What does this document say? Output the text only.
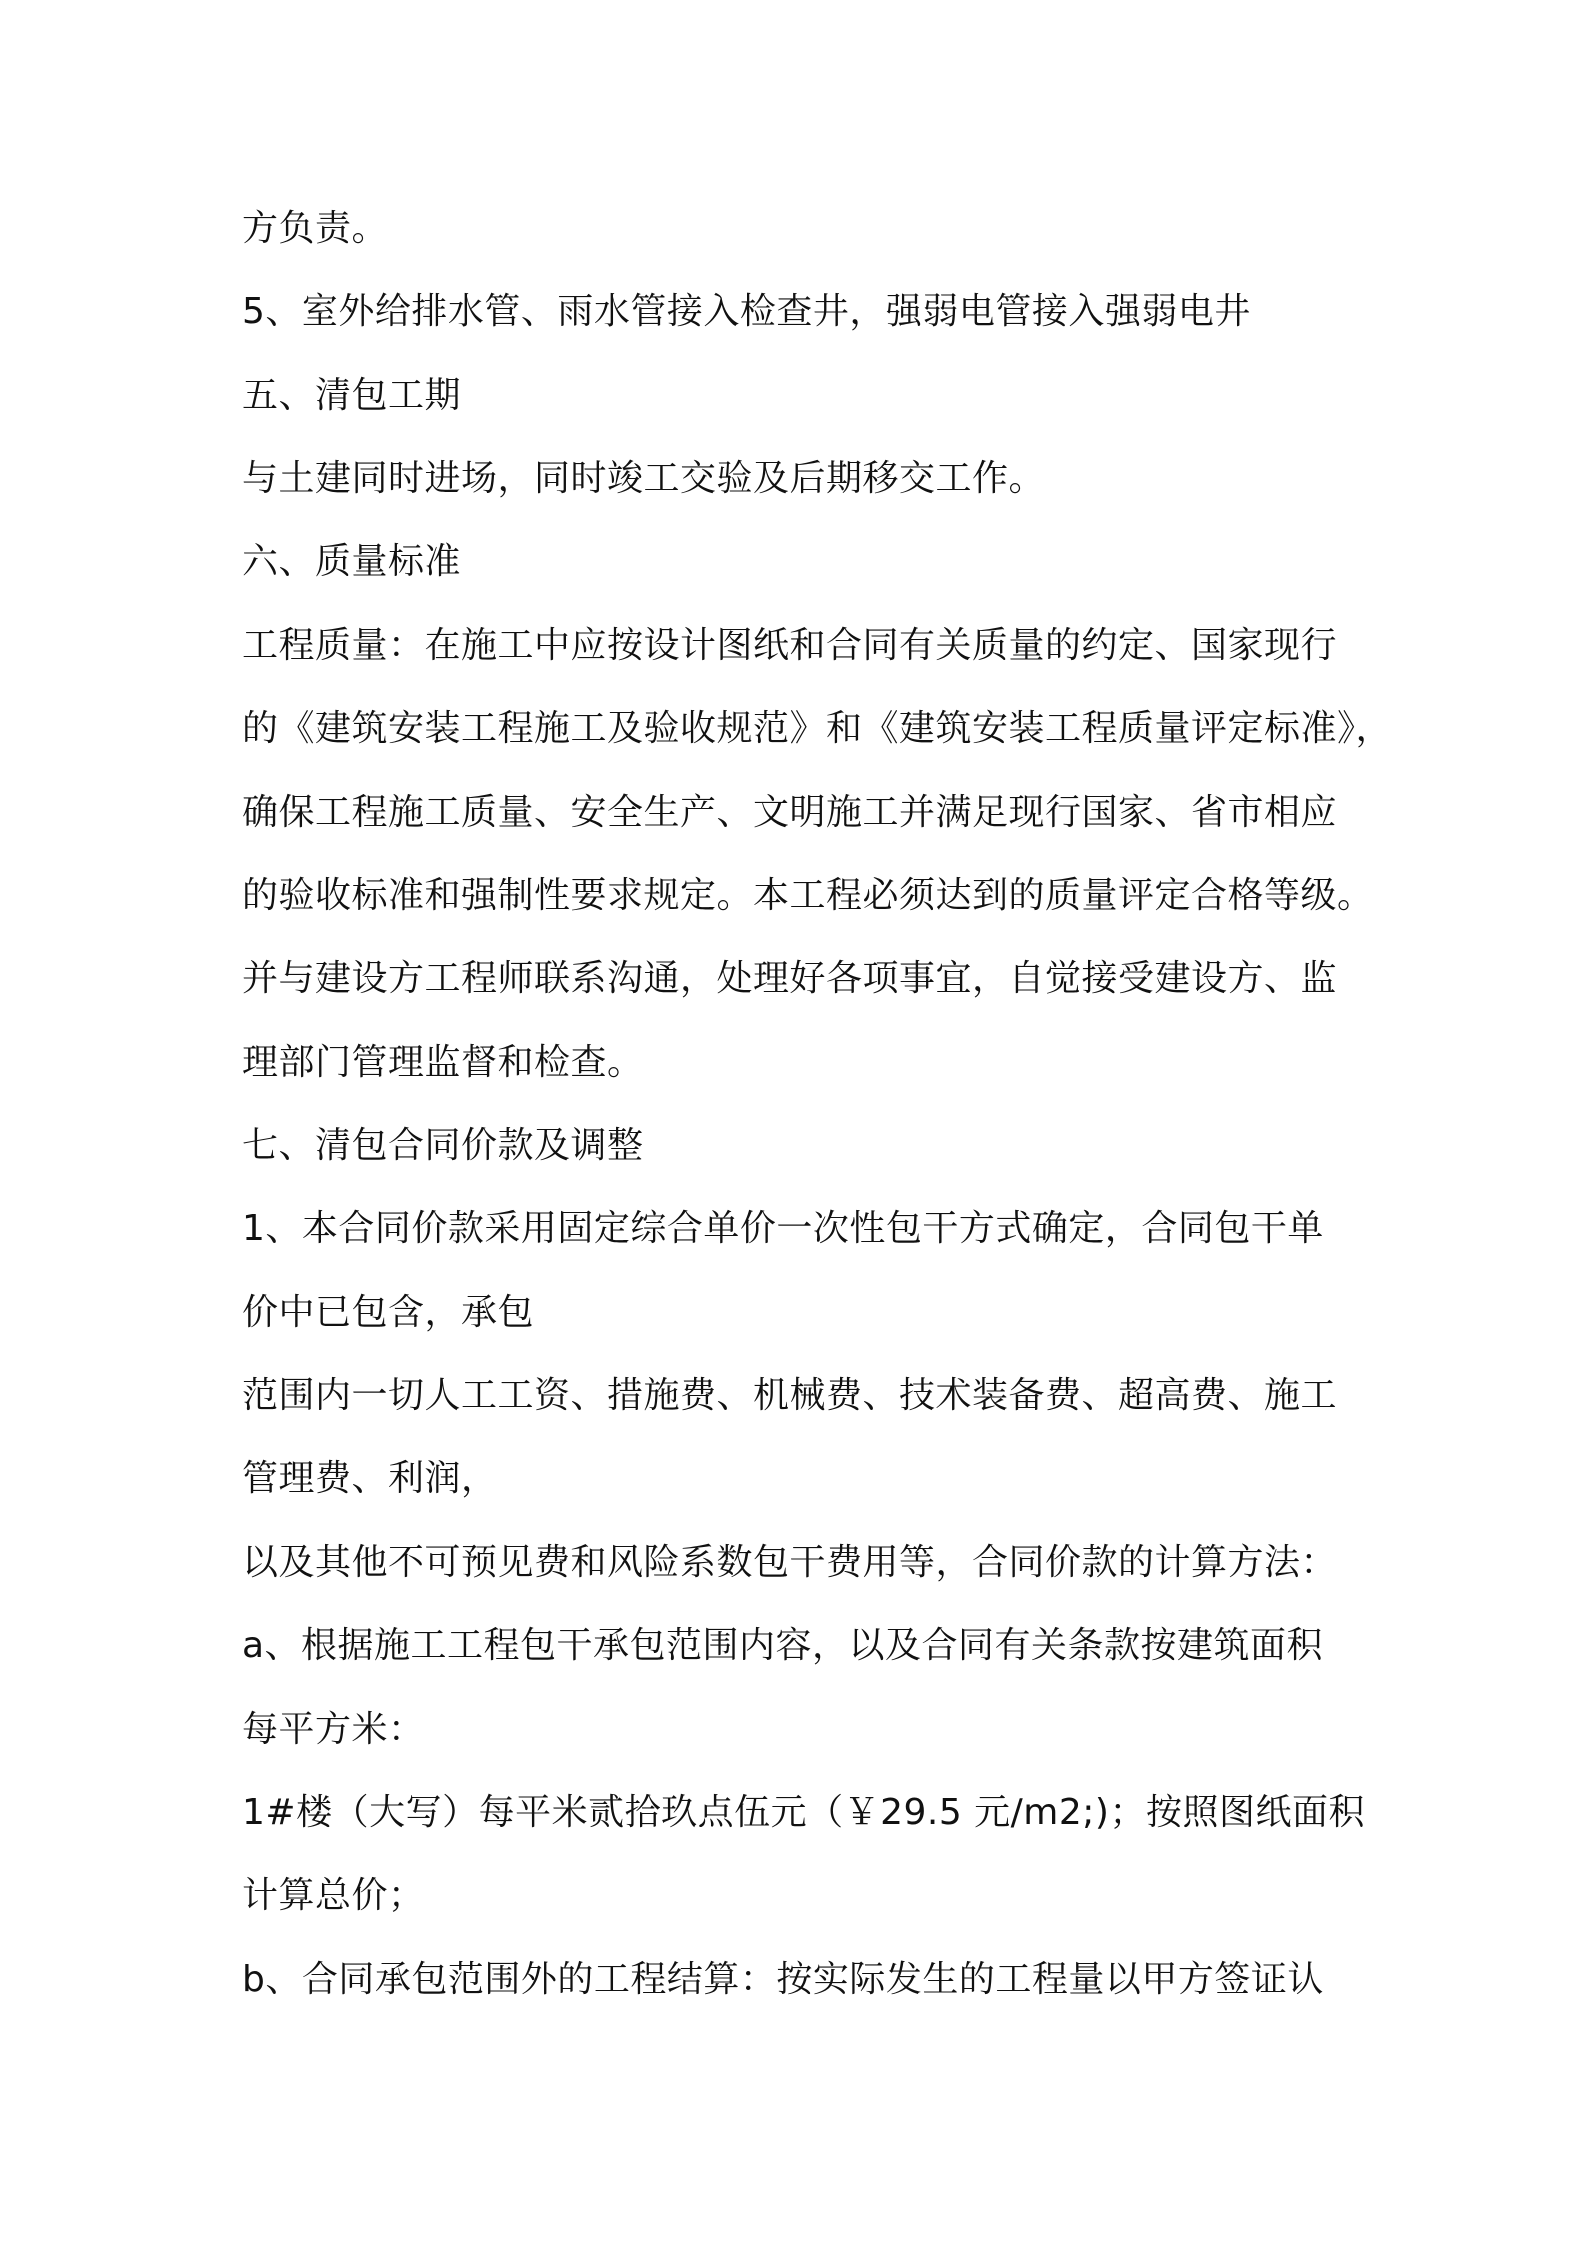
方负责。
5、室外给排水管、雨水管接入检查井，强弱电管接入强弱电井
五、清包工期
与土建同时进场，同时竣工交验及后期移交工作。
六、质量标准
工程质量：在施工中应按设计图纸和合同有关质量的约定、国家现行
的《建筑安装工程施工及验收规范》和《建筑安装工程质量评定标准》，
确保工程施工质量、安全生产、文明施工并满足现行国家、省市相应
的验收标准和强制性要求规定。本工程必须达到的质量评定合格等级。
并与建设方工程师联系沟通，处理好各项事宜，自觉接受建设方、监
理部门管理监督和检查。
七、清包合同价款及调整
1、本合同价款采用固定综合单价一次性包干方式确定，合同包干单
价中已包含，承包
范围内一切人工工资、措施费、机械费、技术装备费、超高费、施工
管理费、利润，
以及其他不可预见费和风险系数包干费用等，合同价款的计算方法：
a、根据施工工程包干承包范围内容，以及合同有关条款按建筑面积
每平方米：
1#楼（大写）每平米贰拾玖点伍元（￥29.5 元/m2;)；按照图纸面积
计算总价；
b、合同承包范围外的工程结算：按实际发生的工程量以甲方签证认
